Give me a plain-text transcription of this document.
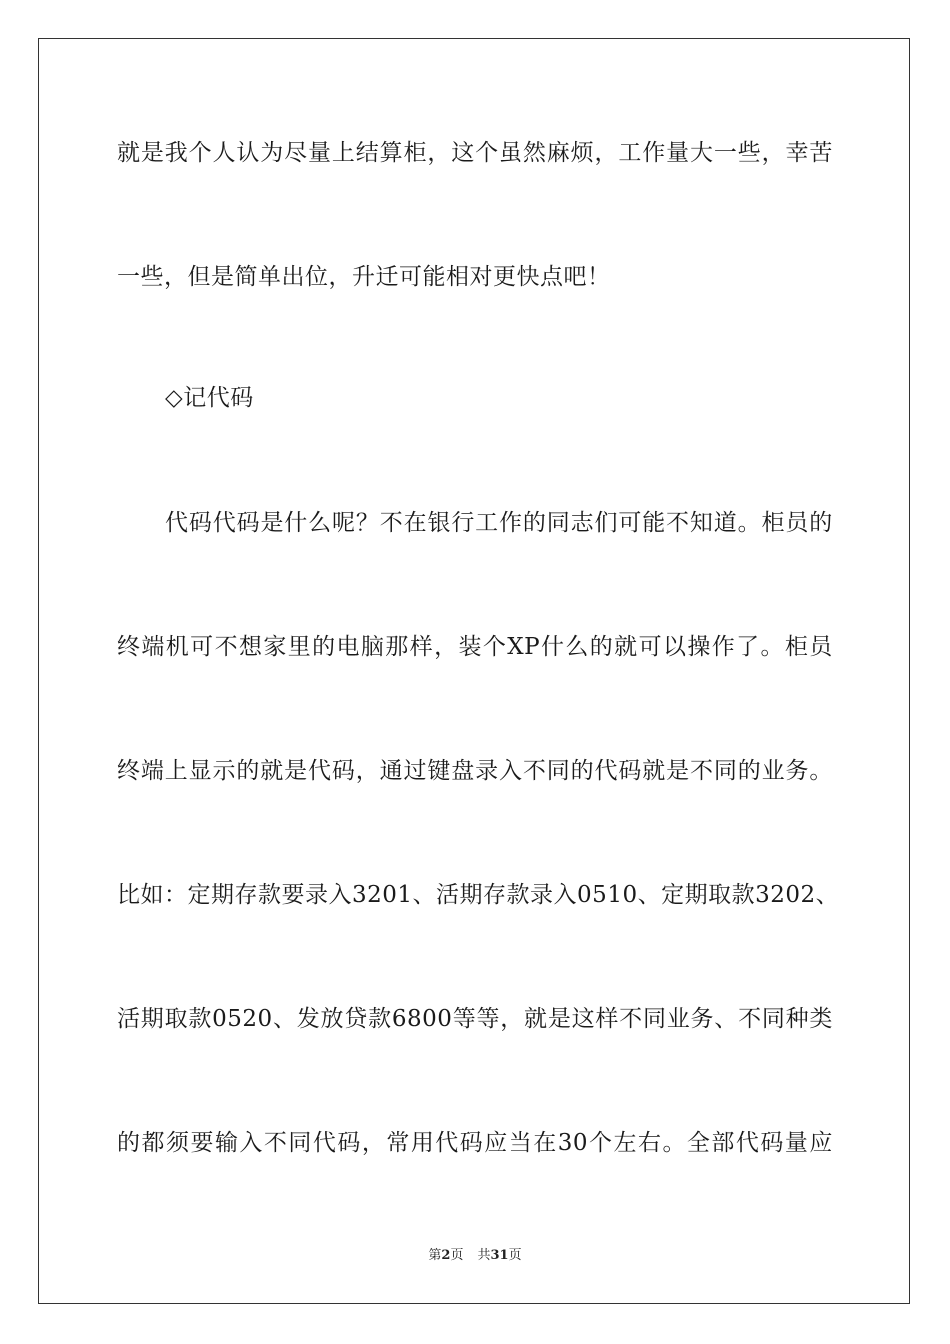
就 是 我 个 人 认 为 尽 量 上 结 算 柜 ， 这 个 虽 然 麻 烦 ， 工 作 量 大 一 些 ， 幸 苦
一些，但是简单出位，升迁可能相对更快点吧！
◇记代码
代 码 代 码 是 什 么 呢 ？ 不 在 银 行 工 作 的 同 志 们 可 能 不 知 道 。 柜 员 的
终 端 机 可 不 想 家 里 的 电 脑 那 样 ， 装 个 XP 什 么 的 就 可 以 操 作 了 。 柜 员
终 端 上 显 示 的 就 是 代 码 ， 通 过 键 盘 录 入 不 同 的 代 码 就 是 不 同 的 业 务 。
比 如 ： 定 期 存 款 要 录 入 3201 、 活 期 存 款 录 入 0510 、 定 期 取 款 3202 、
活 期 取 款 0520 、 发 放 贷 款 6800 等 等 ， 就 是 这 样 不 同 业 务 、 不 同 种 类
的 都 须 要 输 入 不 同 代 码 ， 常 用 代 码 应 当 在 30 个 左 右 。 全 部 代 码 量 应
第2页 共31页
